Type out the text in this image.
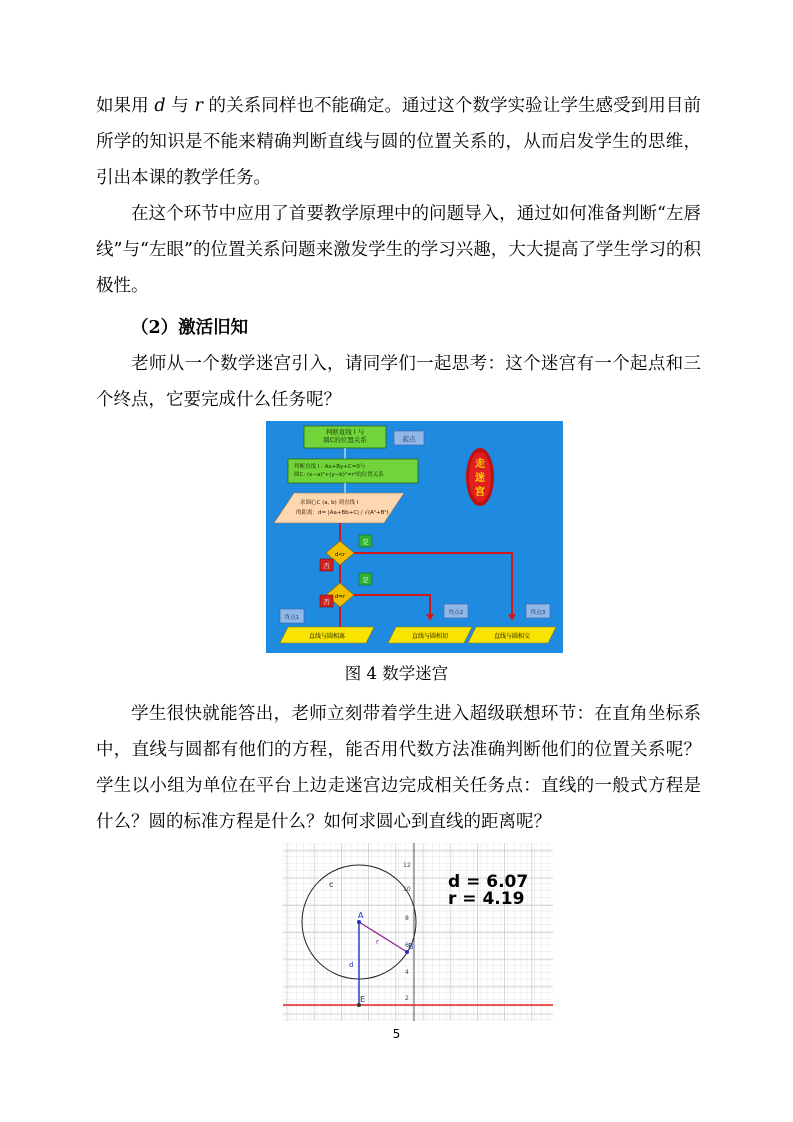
如果用 d 与 r 的关系同样也不能确定。通过这个数学实验让学生感受到用目前所学的知识是不能来精确判断直线与圆的位置关系的，从而启发学生的思维，引出本课的教学任务。

在这个环节中应用了首要教学原理中的问题导入，通过如何准备判断“左唇线”与“左眼”的位置关系问题来激发学生的学习兴趣，大大提高了学生学习的积极性。

（2）激活旧知

老师从一个数学迷宫引入，请同学们一起思考：这个迷宫有一个起点和三个终点，它要完成什么任务呢？

判断直线 l 与圆C的位置关系	起点
判断直线 l : Ax+By+C=0与圆C: (x−a)²+(y−b)²=r²的位置关系
走
迷
宫
求圆心C (a, b) 到直线 l
的距离：d= |Aa+Bb+C| / √(A²+B²)
d<r
是
否
d=r
是
否
终点1
终点2	终点3
直线与圆相离	直线与圆相切	直线与圆相交
图 4 数学迷宫

学生很快就能答出，老师立刻带着学生进入超级联想环节：在直角坐标系中，直线与圆都有他们的方程，能否用代数方法准确判断他们的位置关系呢？学生以小组为单位在平台上边走迷宫边完成相关任务点：直线的一般式方程是什么？圆的标准方程是什么？如何求圆心到直线的距离呢？

12
10
8
6
4
2
c
A
B
E
r
d
d = 6.07
r = 4.19
5
